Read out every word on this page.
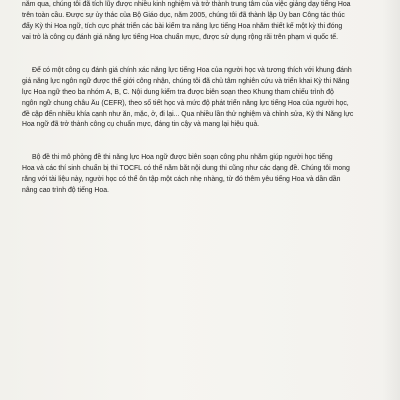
năm qua, chúng tôi đã tích lũy được nhiều kinh nghiệm và trở thành trung tâm của việc giảng dạy tiếng Hoa
trên toàn cầu. Được sự ủy thác của Bộ Giáo dục, năm 2005, chúng tôi đã thành lập Ủy ban Công tác thúc
đẩy Kỳ thi Hoa ngữ, tích cực phát triển các bài kiểm tra năng lực tiếng Hoa nhằm thiết kế một kỳ thi đóng
vai trò là công cụ đánh giá năng lực tiếng Hoa chuẩn mực, được sử dụng rộng rãi trên phạm vi quốc tế.
Để có một công cụ đánh giá chính xác năng lực tiếng Hoa của người học và tương thích với khung đánh
giá năng lực ngôn ngữ được thế giới công nhận, chúng tôi đã chủ tâm nghiên cứu và triển khai Kỳ thi Năng
lực Hoa ngữ theo ba nhóm A, B, C. Nội dung kiểm tra được biên soạn theo Khung tham chiếu trình độ
ngôn ngữ chung châu Âu (CEFR), theo số tiết học và mức độ phát triển năng lực tiếng Hoa của người học,
đề cập đến nhiều khía cạnh như ăn, mặc, ở, đi lại... Qua nhiều lần thử nghiệm và chỉnh sửa, Kỳ thi Năng lực
Hoa ngữ đã trở thành công cụ chuẩn mực, đáng tin cậy và mang lại hiệu quả.
Bộ đề thi mô phỏng đề thi năng lực Hoa ngữ được biên soạn công phu nhằm giúp người học tiếng
Hoa và các thí sinh chuẩn bị thi TOCFL có thể nắm bắt nội dung thi cũng như các dạng đề. Chúng tôi mong
rằng với tài liệu này, người học có thể ôn tập một cách nhẹ nhàng, từ đó thêm yêu tiếng Hoa và dần dần
nâng cao trình độ tiếng Hoa.
